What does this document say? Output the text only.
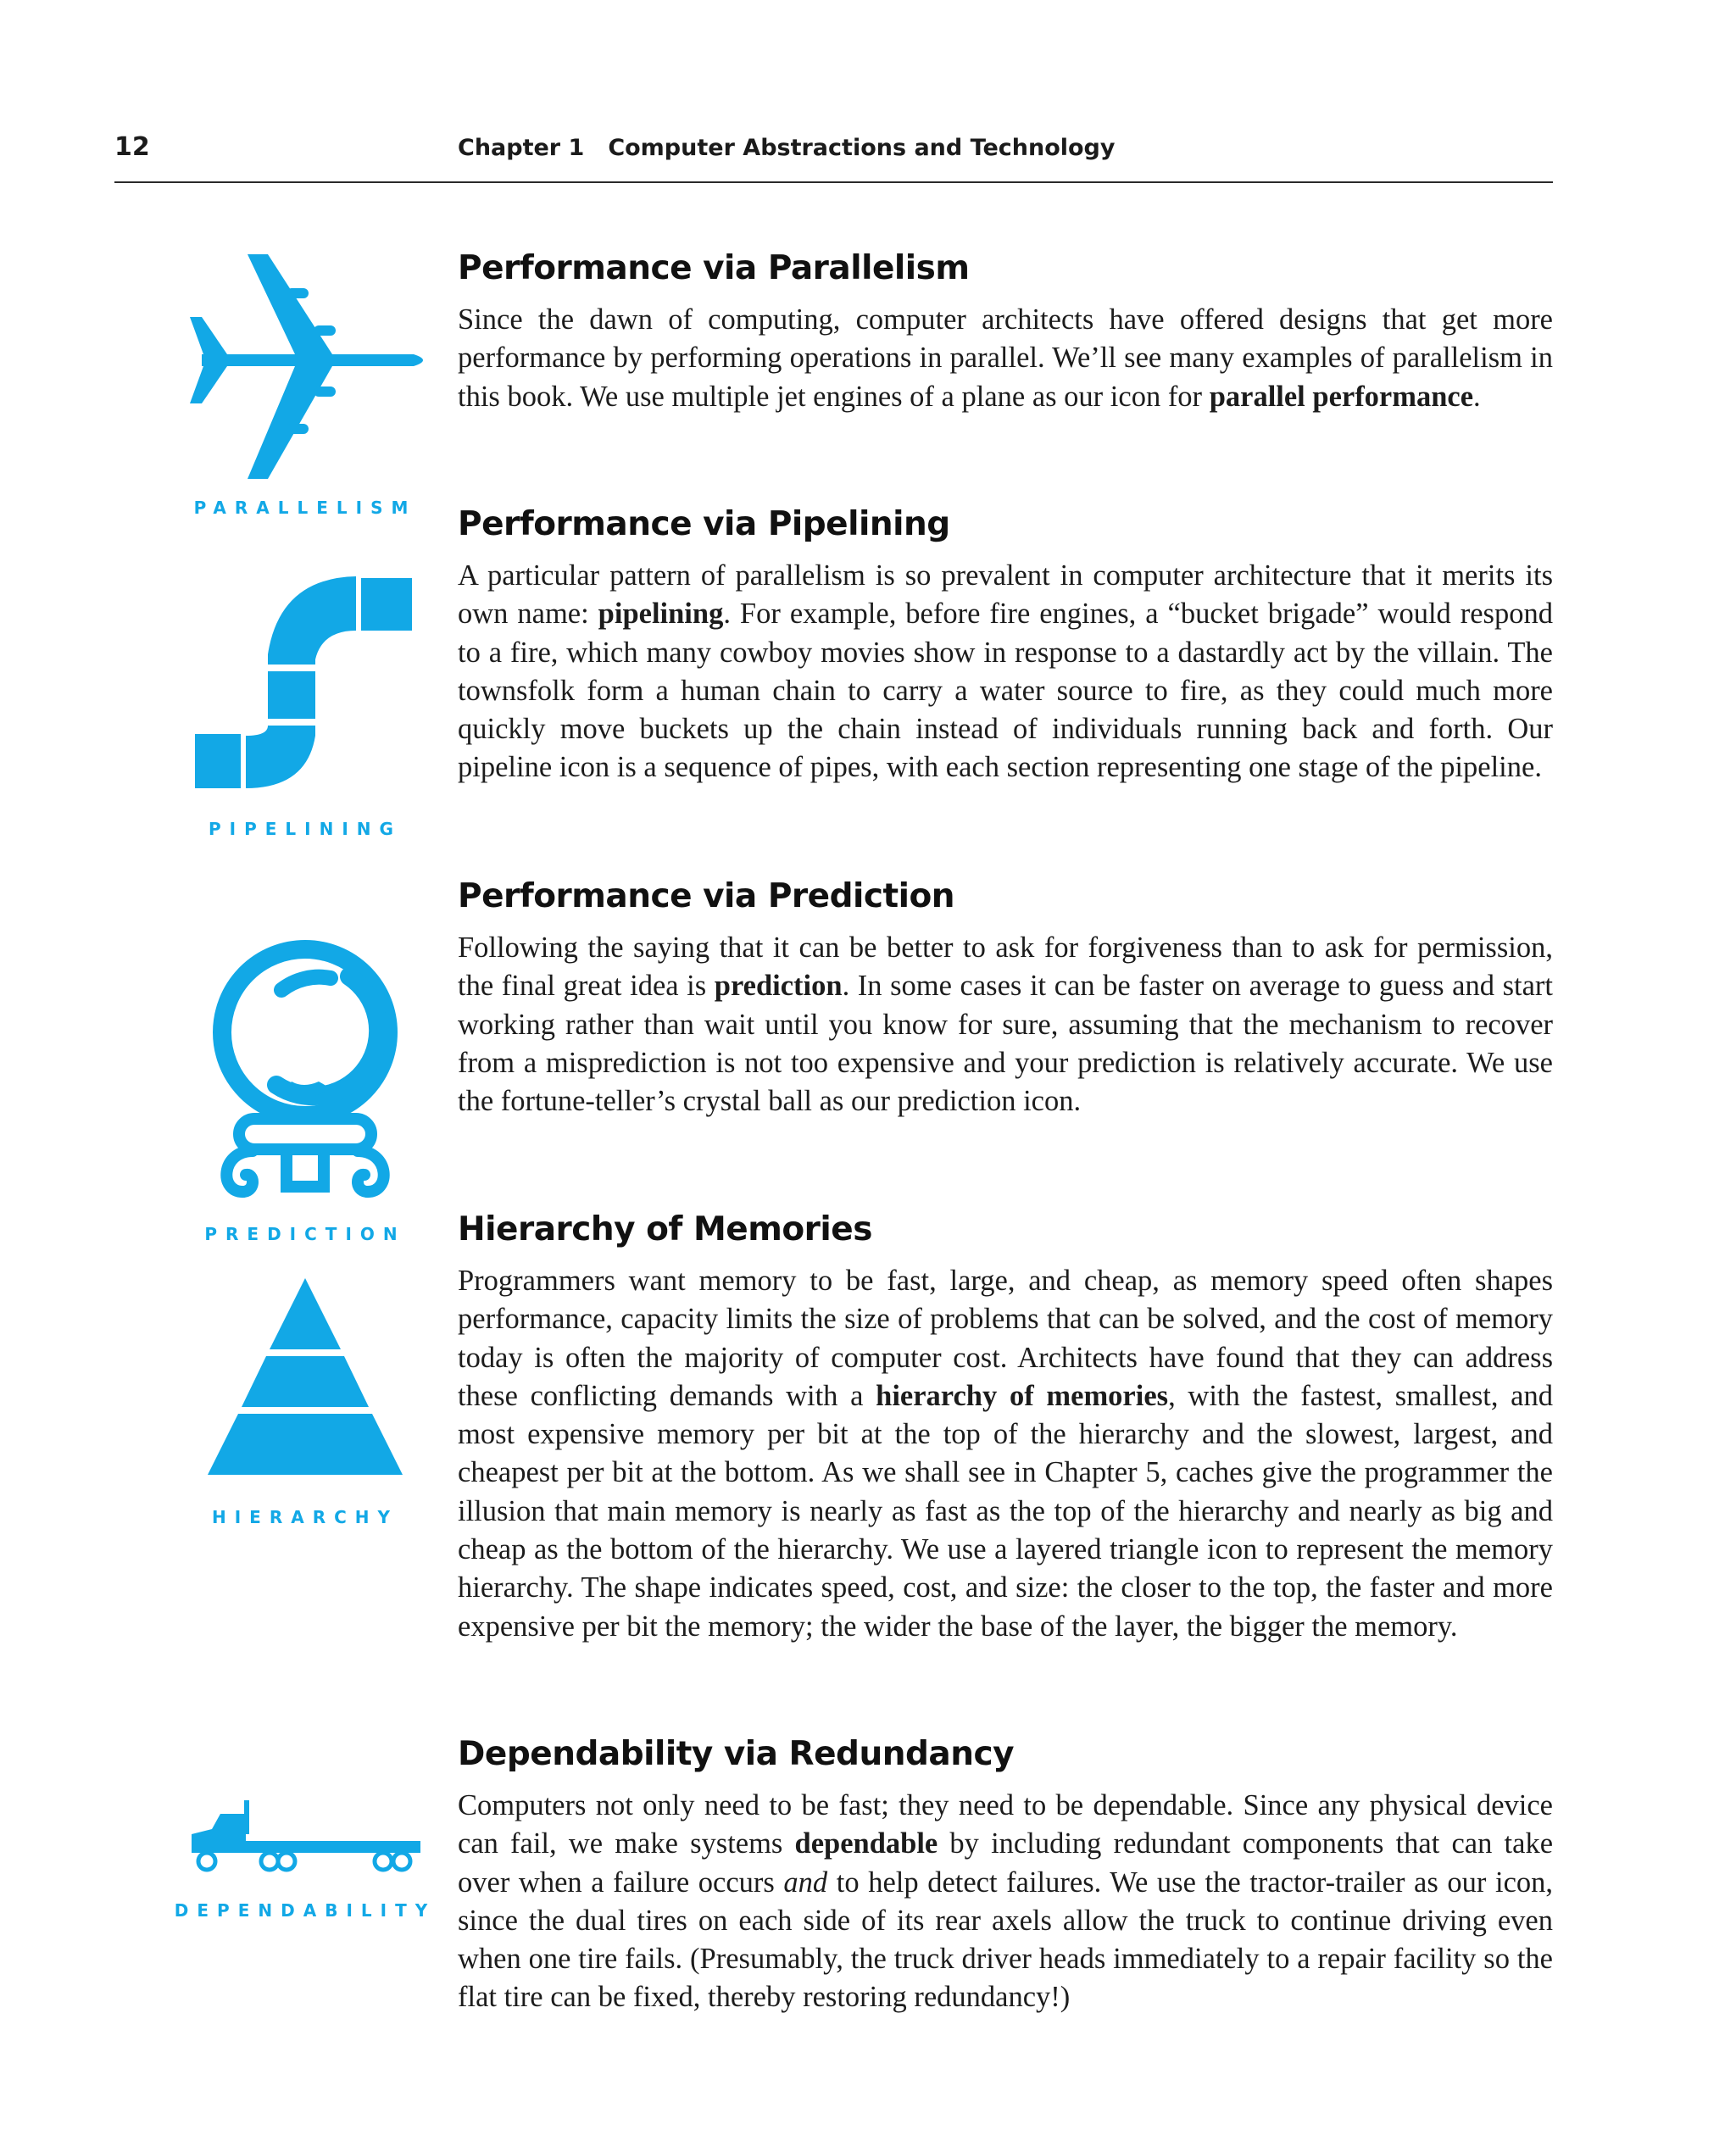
12	Chapter 1 Computer Abstractions and Technology
PARALLELISM
PIPELINING
PREDICTION
HIERARCHY
DEPENDABILITY
Performance via Parallelism

Since the dawn of computing, computer architects have offered designs that get more performance by performing operations in parallel. We’ll see many examples of parallelism in this book. We use multiple jet engines of a plane as our icon for parallel performance.

Performance via Pipelining

A particular pattern of parallelism is so prevalent in computer architecture that it merits its own name: pipelining. For example, before fire engines, a “bucket brigade” would respond to a fire, which many cowboy movies show in response to a dastardly act by the villain. The townsfolk form a human chain to carry a water source to fire, as they could much more quickly move buckets up the chain instead of individuals running back and forth. Our pipeline icon is a sequence of pipes, with each section representing one stage of the pipeline.

Performance via Prediction

Following the saying that it can be better to ask for forgiveness than to ask for permission, the final great idea is prediction. In some cases it can be faster on average to guess and start working rather than wait until you know for sure, assuming that the mechanism to recover from a misprediction is not too expensive and your prediction is relatively accurate. We use the fortune-teller’s crystal ball as our prediction icon.

Hierarchy of Memories

Programmers want memory to be fast, large, and cheap, as memory speed often shapes performance, capacity limits the size of problems that can be solved, and the cost of memory today is often the majority of computer cost. Architects have found that they can address these conflicting demands with a hierarchy of memories, with the fastest, smallest, and most expensive memory per bit at the top of the hierarchy and the slowest, largest, and cheapest per bit at the bottom. As we shall see in Chapter 5, caches give the programmer the illusion that main memory is nearly as fast as the top of the hierarchy and nearly as big and cheap as the bottom of the hierarchy. We use a layered triangle icon to represent the memory hierarchy. The shape indicates speed, cost, and size: the closer to the top, the faster and more expensive per bit the memory; the wider the base of the layer, the bigger the memory.

Dependability via Redundancy

Computers not only need to be fast; they need to be dependable. Since any physical device can fail, we make systems dependable by including redundant components that can take over when a failure occurs and to help detect failures. We use the tractor-trailer as our icon, since the dual tires on each side of its rear axels allow the truck to continue driving even when one tire fails. (Presumably, the truck driver heads immediately to a repair facility so the flat tire can be fixed, thereby restoring redundancy!)
